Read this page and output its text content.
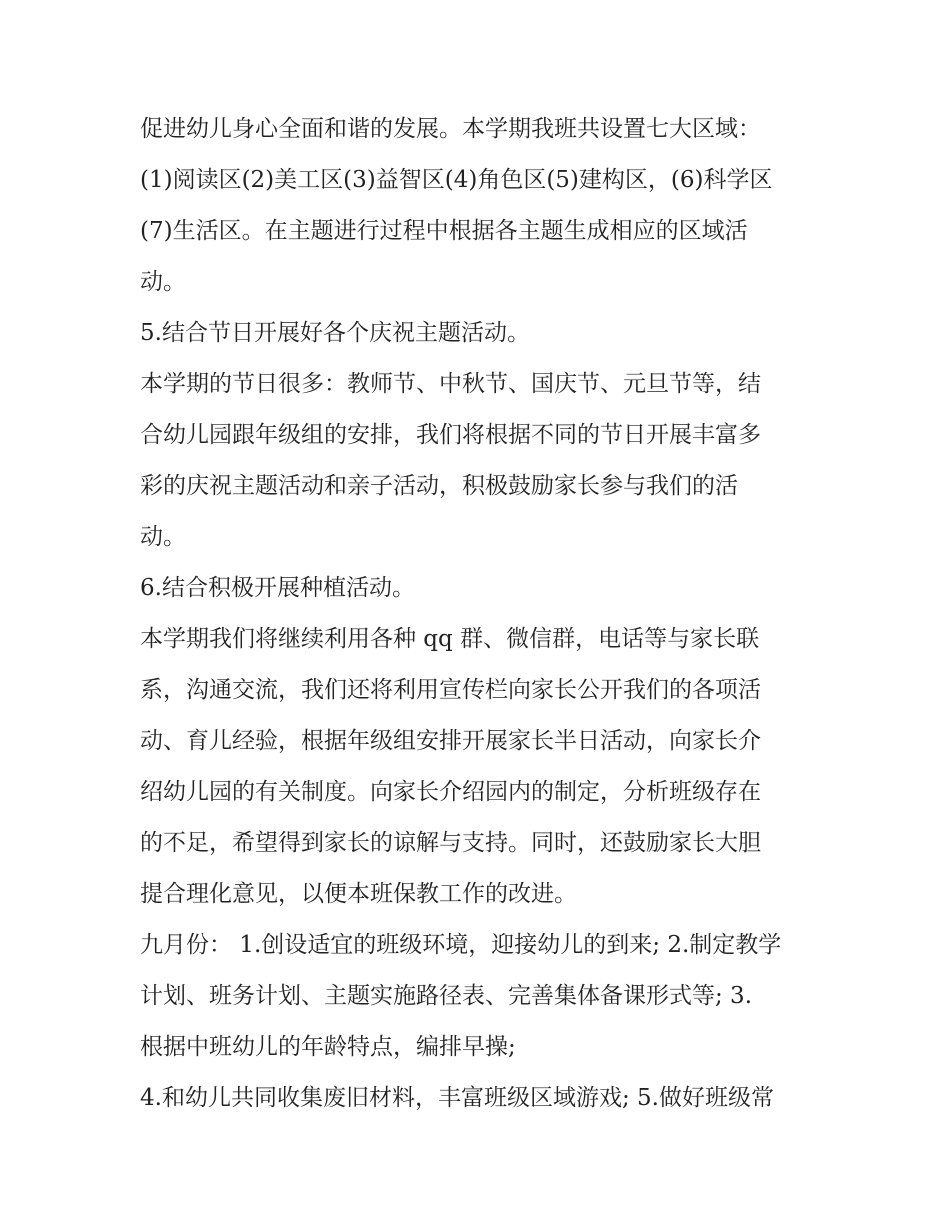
促进幼儿身心全面和谐的发展。本学期我班共设置七大区域：
(1)阅读区(2)美工区(3)益智区(4)角色区(5)建构区，(6)科学区
(7)生活区。在主题进行过程中根据各主题生成相应的区域活
动。
5.结合节日开展好各个庆祝主题活动。
本学期的节日很多：教师节、中秋节、国庆节、元旦节等，结
合幼儿园跟年级组的安排，我们将根据不同的节日开展丰富多
彩的庆祝主题活动和亲子活动，积极鼓励家长参与我们的活
动。
6.结合积极开展种植活动。
本学期我们将继续利用各种 qq 群、微信群，电话等与家长联
系，沟通交流，我们还将利用宣传栏向家长公开我们的各项活
动、育儿经验，根据年级组安排开展家长半日活动，向家长介
绍幼儿园的有关制度。向家长介绍园内的制定，分析班级存在
的不足，希望得到家长的谅解与支持。同时，还鼓励家长大胆
提合理化意见，以便本班保教工作的改进。
九月份： 1.创设适宜的班级环境，迎接幼儿的到来; 2.制定教学
计划、班务计划、主题实施路径表、完善集体备课形式等; 3.
根据中班幼儿的年龄特点，编排早操;
4.和幼儿共同收集废旧材料，丰富班级区域游戏; 5.做好班级常
